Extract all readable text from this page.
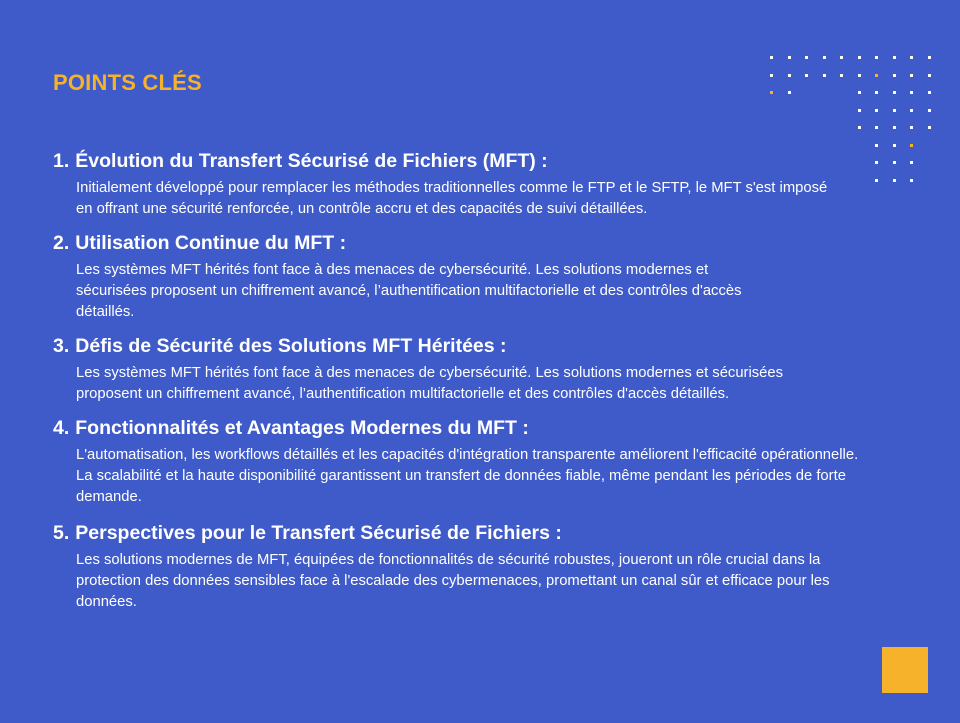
POINTS CLÉS
1. Évolution du Transfert Sécurisé de Fichiers (MFT) :
Initialement développé pour remplacer les méthodes traditionnelles comme le FTP et le SFTP, le MFT s'est imposé en offrant une sécurité renforcée, un contrôle accru et des capacités de suivi détaillées.
2. Utilisation Continue du MFT :
Les systèmes MFT hérités font face à des menaces de cybersécurité. Les solutions modernes et sécurisées proposent un chiffrement avancé, l’authentification multifactorielle et des contrôles d'accès détaillés.
3. Défis de Sécurité des Solutions MFT Héritées :
Les systèmes MFT hérités font face à des menaces de cybersécurité. Les solutions modernes et sécurisées proposent un chiffrement avancé, l’authentification multifactorielle et des contrôles d'accès détaillés.
4. Fonctionnalités et Avantages Modernes du MFT :
L'automatisation, les workflows détaillés et les capacités d'intégration transparente améliorent l'efficacité opérationnelle. La scalabilité et la haute disponibilité garantissent un transfert de données fiable, même pendant les périodes de forte demande.
5. Perspectives pour le Transfert Sécurisé de Fichiers :
Les solutions modernes de MFT, équipées de fonctionnalités de sécurité robustes, joueront un rôle crucial dans la protection des données sensibles face à l'escalade des cybermenaces, promettant un canal sûr et efficace pour les données.
